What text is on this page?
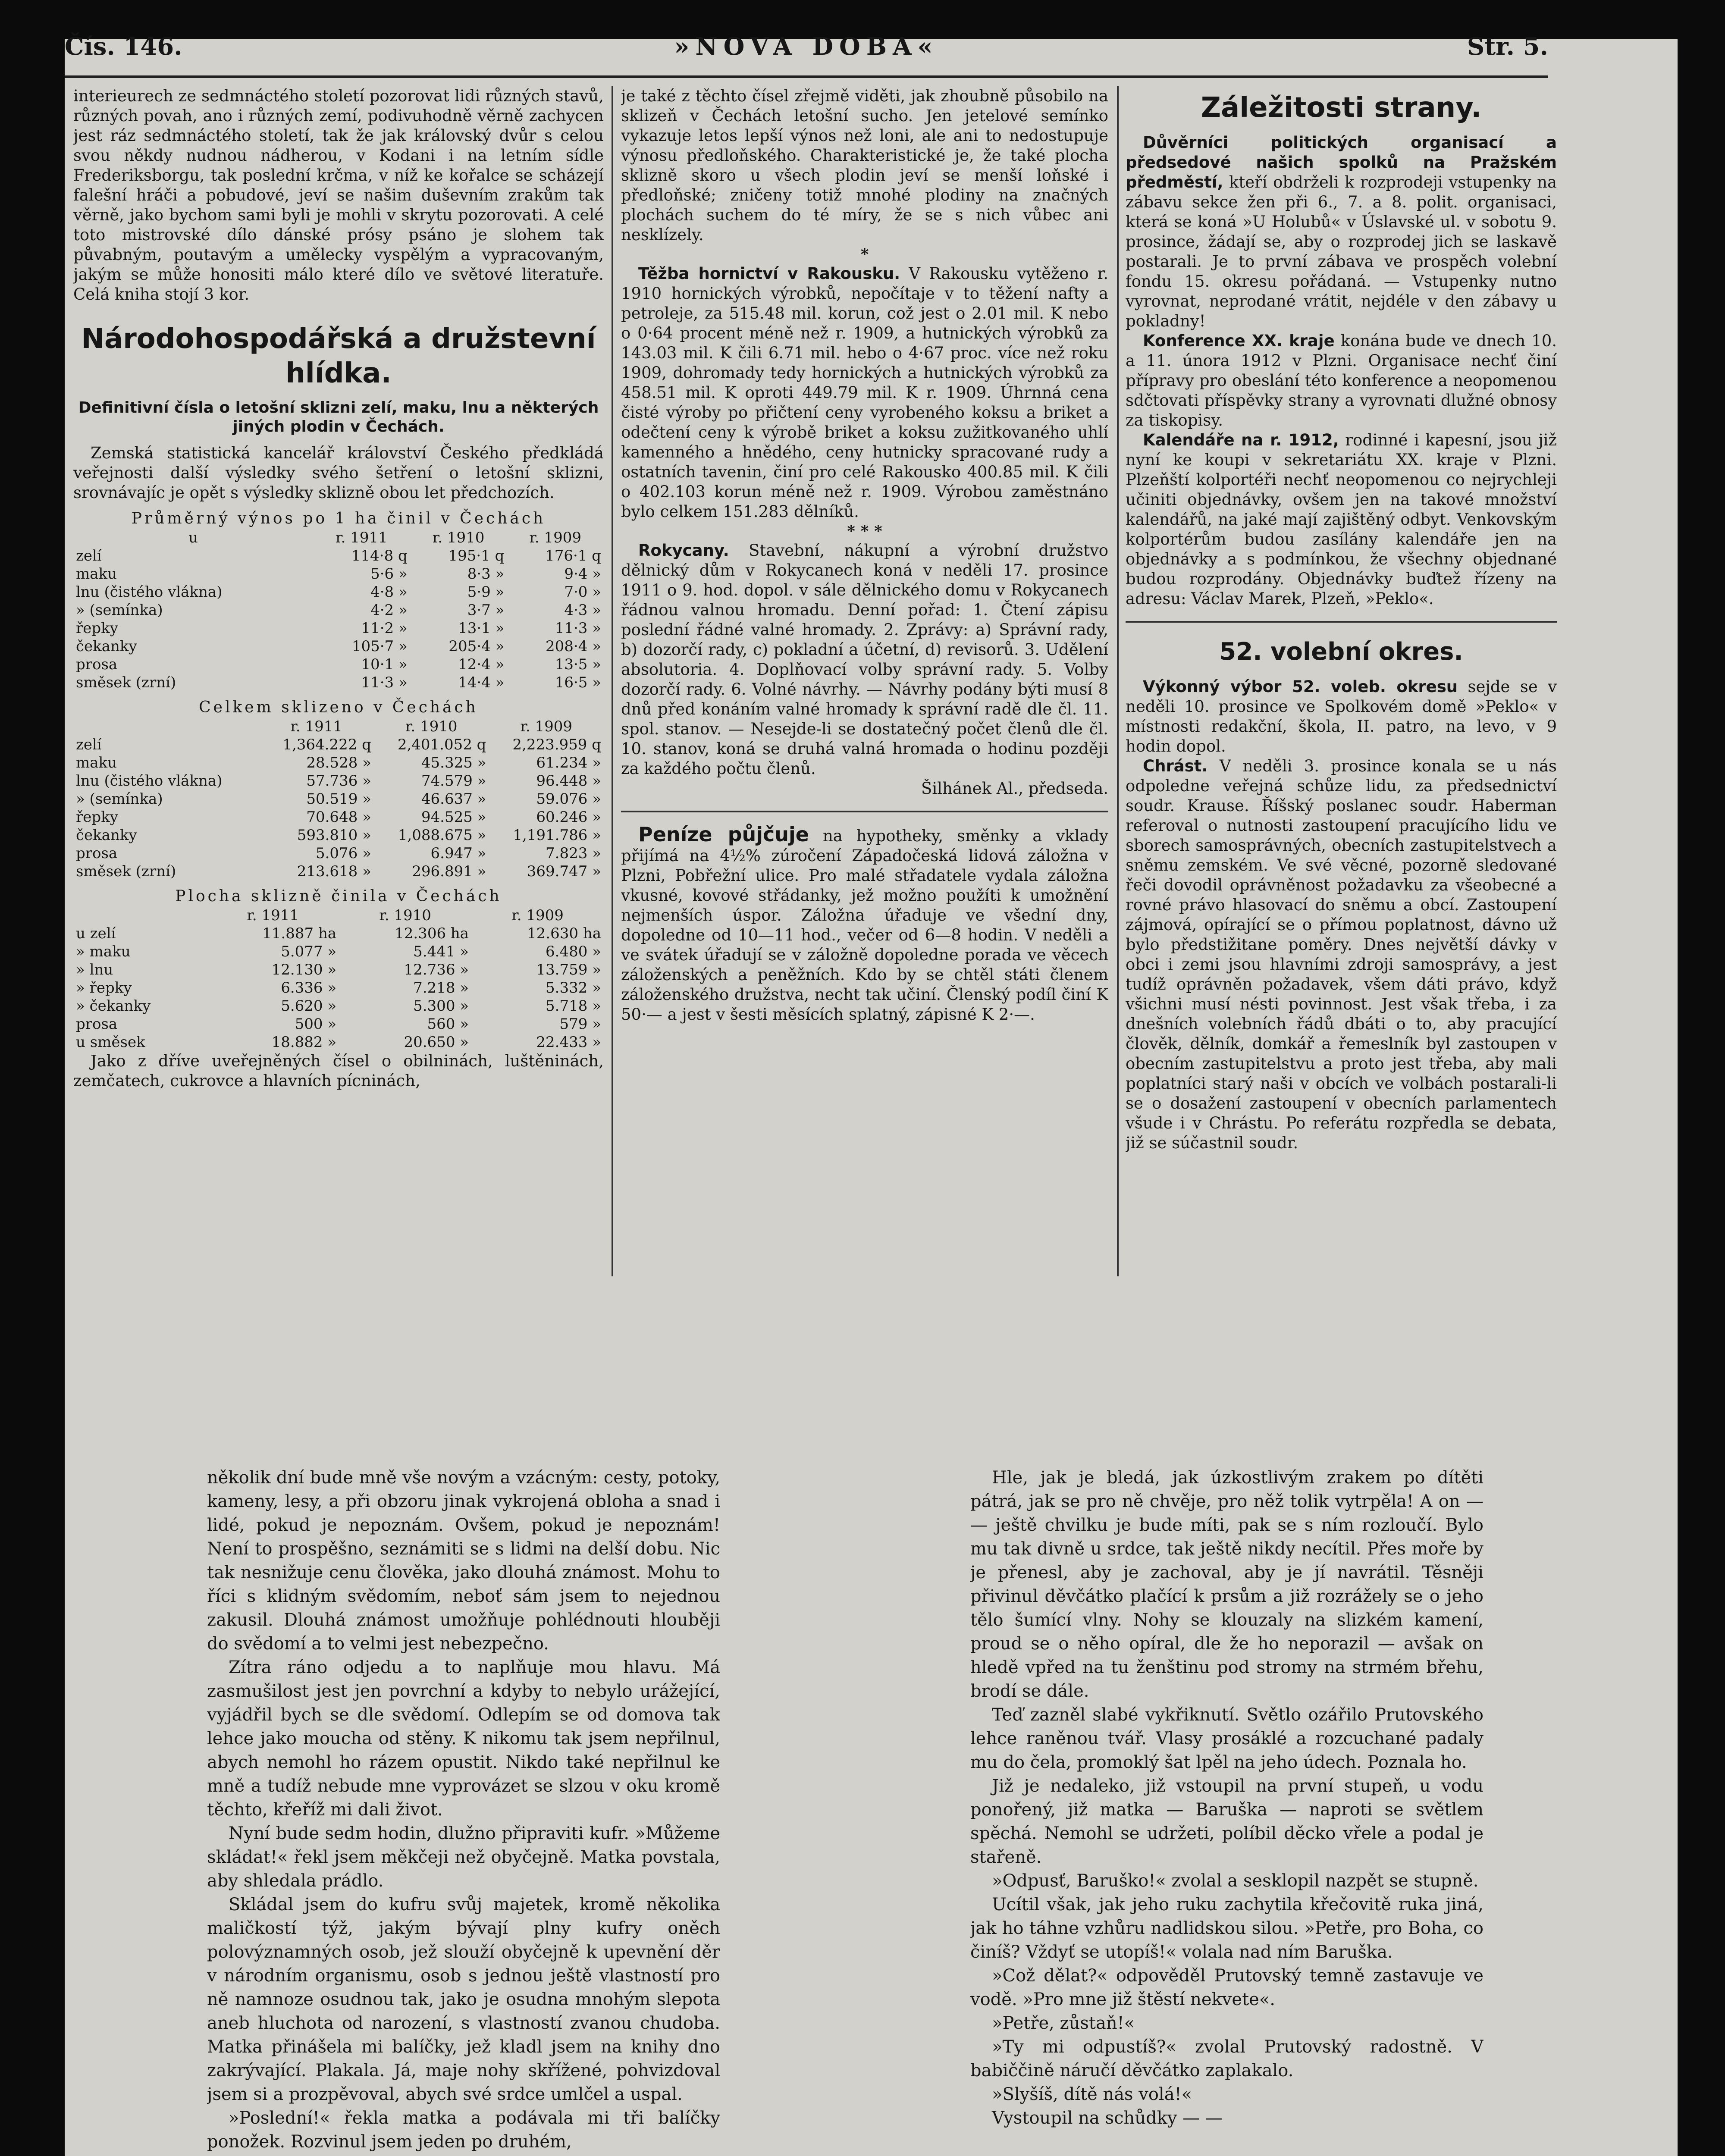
Čís. 146.	»NOVA DOBA«	Str. 5.

interieurech ze sedmnáctého století pozorovat lidi různých stavů, různých povah, ano i různých zemí, podivuhodně věrně zachycen jest ráz sedmnáctého století, tak že jak královský dvůr s celou svou někdy nudnou nádherou, v Kodani i na letním sídle Frederiksborgu, tak poslední krčma, v níž ke kořalce se scházejí falešní hráči a pobudové, jeví se našim duševním zrakům tak věrně, jako bychom sami byli je mohli v skrytu pozorovati. A celé toto mistrovské dílo dánské prósy psáno je slohem tak půvabným, poutavým a umělecky vyspělým a vypracovaným, jakým se může honositi málo které dílo ve světové literatuře. Celá kniha stojí 3 kor.

Národohospodářská a družstevní hlídka.
Definitivní čísla o letošní sklizni zelí, maku, lnu a některých jiných plodin v Čechách.

Zemská statistická kancelář království Českého předkládá veřejnosti další výsledky svého šetření o letošní sklizni, srovnávajíc je opět s výsledky sklizně obou let předchozích.

Průměrný výnos po 1 ha činil v Čechách
u	r. 1911	r. 1910	r. 1909
zelí	114·8 q	195·1 q	176·1 q
maku	5·6 »	8·3 »	9·4 »
lnu (čistého vlákna)	4·8 »	5·9 »	7·0 »
» (semínka)	4·2 »	3·7 »	4·3 »
řepky	11·2 »	13·1 »	11·3 »
čekanky	105·7 »	205·4 »	208·4 »
prosa	10·1 »	12·4 »	13·5 »
směsek (zrní)	11·3 »	14·4 »	16·5 »
Celkem sklizeno v Čechách
	r. 1911	r. 1910	r. 1909
zelí	1,364.222 q	2,401.052 q	2,223.959 q
maku	28.528 »	45.325 »	61.234 »
lnu (čistého vlákna)	57.736 »	74.579 »	96.448 »
» (semínka)	50.519 »	46.637 »	59.076 »
řepky	70.648 »	94.525 »	60.246 »
čekanky	593.810 »	1,088.675 »	1,191.786 »
prosa	5.076 »	6.947 »	7.823 »
směsek (zrní)	213.618 »	296.891 »	369.747 »
Plocha sklizně činila v Čechách
	r. 1911	r. 1910	r. 1909
u zelí	11.887 ha	12.306 ha	12.630 ha
» maku	5.077 »	5.441 »	6.480 »
» lnu	12.130 »	12.736 »	13.759 »
» řepky	6.336 »	7.218 »	5.332 »
» čekanky	5.620 »	5.300 »	5.718 »
prosa	500 »	560 »	579 »
u směsek	18.882 »	20.650 »	22.433 »

Jako z dříve uveřejněných čísel o obilninách, luštěninách, zemčatech, cukrovce a hlavních pícninách,

je také z těchto čísel zřejmě viděti, jak zhoubně působilo na sklizeň v Čechách letošní sucho. Jen jetelové semínko vykazuje letos lepší výnos než loni, ale ani to nedostupuje výnosu předloňského. Charakteristické je, že také plocha sklizně skoro u všech plodin jeví se menší loňské i předloňské; zničeny totiž mnohé plodiny na značných plochách suchem do té míry, že se s nich vůbec ani nesklízely.

*

Těžba hornictví v Rakousku. V Rakousku vytěženo r. 1910 hornických výrobků, nepočítaje v to těžení nafty a petroleje, za 515.48 mil. korun, což jest o 2.01 mil. K nebo o 0·64 procent méně než r. 1909, a hutnických výrobků za 143.03 mil. K čili 6.71 mil. hebo o 4·67 proc. více než roku 1909, dohromady tedy hornických a hutnických výrobků za 458.51 mil. K oproti 449.79 mil. K r. 1909. Úhrnná cena čisté výroby po přičtení ceny vyrobeného koksu a briket a odečtení ceny k výrobě briket a koksu zužitkovaného uhlí kamenného a hnědého, ceny hutnicky spracované rudy a ostatních tavenin, činí pro celé Rakousko 400.85 mil. K čili o 402.103 korun méně než r. 1909. Výrobou zaměstnáno bylo celkem 151.283 dělníků.

* * *

Rokycany. Stavební, nákupní a výrobní družstvo dělnický dům v Rokycanech koná v neděli 17. prosince 1911 o 9. hod. dopol. v sále dělnického domu v Rokycanech řádnou valnou hromadu. Denní pořad: 1. Čtení zápisu poslední řádné valné hromady. 2. Zprávy: a) Správní rady, b) dozorčí rady, c) pokladní a účetní, d) revisorů. 3. Udělení absolutoria. 4. Doplňovací volby správní rady. 5. Volby dozorčí rady. 6. Volné návrhy. — Návrhy podány býti musí 8 dnů před konáním valné hromady k správní radě dle čl. 11. spol. stanov. — Nesejde-li se dostatečný počet členů dle čl. 10. stanov, koná se druhá valná hromada o hodinu později za každého počtu členů.

Šilhánek Al., předseda.

Peníze půjčuje na hypotheky, směnky a vklady přijímá na 4½% zúročení Západočeská lidová záložna v Plzni, Pobřežní ulice. Pro malé střadatele vydala záložna vkusné, kovové střádanky, jež možno použíti k umožnění nejmenších úspor. Záložna úřaduje ve všední dny, dopoledne od 10—11 hod., večer od 6—8 hodin. V neděli a ve svátek úřadují se v záložně dopoledne porada ve věcech záloženských a peněžních. Kdo by se chtěl státi členem záloženského družstva, necht tak učiní. Členský podíl činí K 50·— a jest v šesti měsících splatný, zápisné K 2·—.

Záležitosti strany.

Důvěrníci politických organisací a předsedové našich spolků na Pražském předměstí, kteří obdrželi k rozprodeji vstupenky na zábavu sekce žen při 6., 7. a 8. polit. organisaci, která se koná »U Holubů« v Úslavské ul. v sobotu 9. prosince, žádají se, aby o rozprodej jich se laskavě postarali. Je to první zábava ve prospěch volební fondu 15. okresu pořádaná. — Vstupenky nutno vyrovnat, neprodané vrátit, nejdéle v den zábavy u pokladny!

Konference XX. kraje konána bude ve dnech 10. a 11. února 1912 v Plzni. Organisace nechť činí přípravy pro obeslání této konference a neopomenou sdčtovati příspěvky strany a vyrovnati dlužné obnosy za tiskopisy.

Kalendáře na r. 1912, rodinné i kapesní, jsou již nyní ke koupi v sekretariátu XX. kraje v Plzni. Plzeňští kolportéři nechť neopomenou co nejrychleji učiniti objednávky, ovšem jen na takové množství kalendářů, na jaké mají zajištěný odbyt. Venkovským kolportérům budou zasílány kalendáře jen na objednávky a s podmínkou, že všechny objednané budou rozprodány. Objednávky buďtež řízeny na adresu: Václav Marek, Plzeň, »Peklo«.

52. volební okres.

Výkonný výbor 52. voleb. okresu sejde se v neděli 10. prosince ve Spolkovém domě »Peklo« v místnosti redakční, škola, II. patro, na levo, v 9 hodin dopol.

Chrást. V neděli 3. prosince konala se u nás odpoledne veřejná schůze lidu, za předsednictví soudr. Krause. Říšský poslanec soudr. Haberman referoval o nutnosti zastoupení pracujícího lidu ve sborech samosprávných, obecních zastupitelstvech a sněmu zemském. Ve své věcné, pozorně sledované řeči dovodil oprávněnost požadavku za všeobecné a rovné právo hlasovací do sněmu a obcí. Zastoupení zájmová, opírající se o přímou poplatnost, dávno už bylo předstižitane poměry. Dnes největší dávky v obci i zemi jsou hlavními zdroji samosprávy, a jest tudíž oprávněn požadavek, všem dáti právo, když všichni musí nésti povinnost. Jest však třeba, i za dnešních volebních řádů dbáti o to, aby pracující člověk, dělník, domkář a řemeslník byl zastoupen v obecním zastupitelstvu a proto jest třeba, aby mali poplatníci starý naši v obcích ve volbách postarali-li se o dosažení zastoupení v obecních parlamentech všude i v Chrástu. Po referátu rozpředla se debata, již se súčastnil soudr.

několik dní bude mně vše novým a vzácným: cesty, potoky, kameny, lesy, a při obzoru jinak vykrojená obloha a snad i lidé, pokud je nepoznám. Ovšem, pokud je nepoznám! Není to prospěšno, seznámiti se s lidmi na delší dobu. Nic tak nesnižuje cenu člověka, jako dlouhá známost. Mohu to říci s klidným svědomím, neboť sám jsem to nejednou zakusil. Dlouhá známost umožňuje pohlédnouti hlouběji do svědomí a to velmi jest nebezpečno.

Zítra ráno odjedu a to naplňuje mou hlavu. Má zasmušilost jest jen povrchní a kdyby to nebylo urážející, vyjádřil bych se dle svědomí. Odlepím se od domova tak lehce jako moucha od stěny. K nikomu tak jsem nepřilnul, abych nemohl ho rázem opustit. Nikdo také nepřilnul ke mně a tudíž nebude mne vyprovázet se slzou v oku kromě těchto, křeříž mi dali život.

Nyní bude sedm hodin, dlužno připraviti kufr. »Můžeme skládat!« řekl jsem měkčeji než obyčejně. Matka povstala, aby shledala prádlo.

Skládal jsem do kufru svůj majetek, kromě několika maličkostí týž, jakým bývají plny kufry oněch polovýznamných osob, jež slouží obyčejně k upevnění děr v národním organismu, osob s jednou ještě vlastností pro ně namnoze osudnou tak, jako je osudna mnohým slepota aneb hluchota od narození, s vlastností zvanou chudoba. Matka přinášela mi balíčky, jež kladl jsem na knihy dno zakrývající. Plakala. Já, maje nohy skřížené, pohvizdoval jsem si a prozpěvoval, abych své srdce umlčel a uspal.

»Poslední!« řekla matka a podávala mi tři balíčky ponožek. Rozvinul jsem jeden po druhém,

Hle, jak je bledá, jak úzkostlivým zrakem po dítěti pátrá, jak se pro ně chvěje, pro něž tolik vytrpěla! A on — — ještě chvilku je bude míti, pak se s ním rozloučí. Bylo mu tak divně u srdce, tak ještě nikdy necítil. Přes moře by je přenesl, aby je zachoval, aby je jí navrátil. Těsněji přivinul děvčátko plačící k prsům a již rozrážely se o jeho tělo šumící vlny. Nohy se klouzaly na slizkém kamení, proud se o něho opíral, dle že ho neporazil — avšak on hledě vpřed na tu ženštinu pod stromy na strmém břehu, brodí se dále.

Teď zazněl slabé vykřiknutí. Světlo ozářilo Prutovského lehce raněnou tvář. Vlasy prosáklé a rozcuchané padaly mu do čela, promoklý šat lpěl na jeho údech. Poznala ho.

Již je nedaleko, již vstoupil na první stupeň, u vodu ponořený, již matka — Baruška — naproti se světlem spěchá. Nemohl se udržeti, políbil děcko vřele a podal je stařeně.

»Odpusť, Baruško!« zvolal a sesklopil nazpět se stupně.

Ucítil však, jak jeho ruku zachytila křečovitě ruka jiná, jak ho táhne vzhůru nadlidskou silou. »Petře, pro Boha, co činíš? Vždyť se utopíš!« volala nad ním Baruška.

»Což dělat?« odpověděl Prutovský temně zastavuje ve vodě. »Pro mne již štěstí nekvete«.

»Petře, zůstaň!«

»Ty mi odpustíš?« zvolal Prutovský radostně. V babiččině náručí děvčátko zaplakalo.

»Slyšíš, dítě nás volá!«

Vystoupil na schůdky — —
